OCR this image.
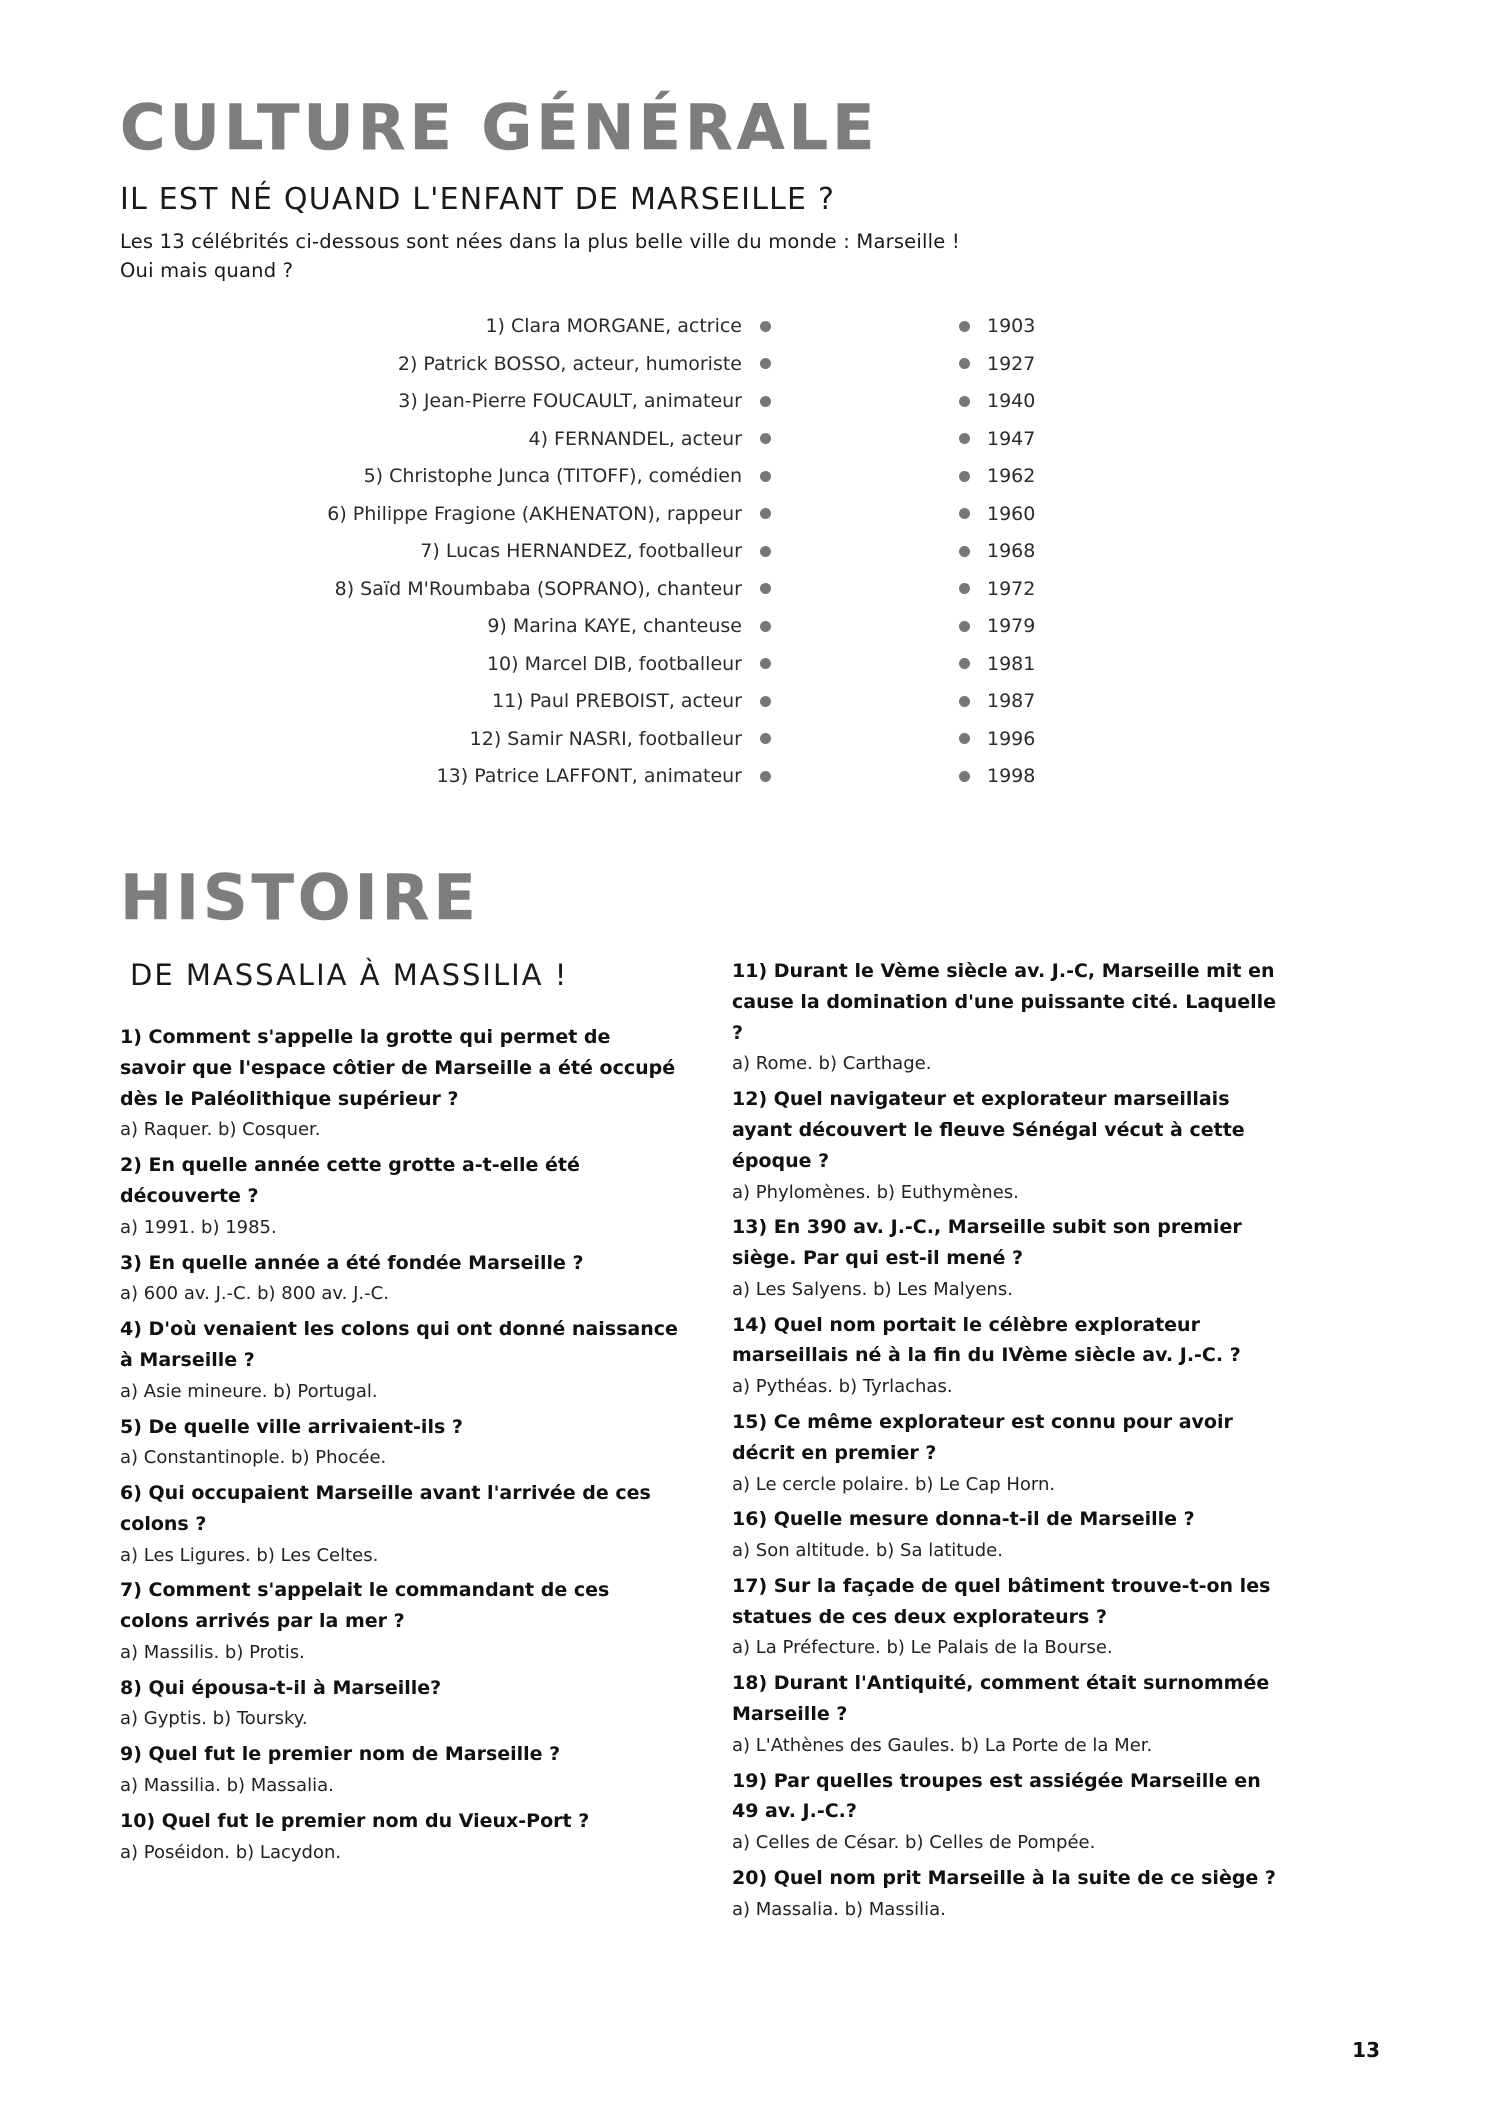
CULTURE GÉNÉRALE
IL EST NÉ QUAND L'ENFANT DE MARSEILLE ?

Les 13 célébrités ci-dessous sont nées dans la plus belle ville du monde : Marseille !

Oui mais quand ?

1) Clara MORGANE, actrice	1903
2) Patrick BOSSO, acteur, humoriste	1927
3) Jean-Pierre FOUCAULT, animateur	1940
4) FERNANDEL, acteur	1947
5) Christophe Junca (TITOFF), comédien	1962
6) Philippe Fragione (AKHENATON), rappeur	1960
7) Lucas HERNANDEZ, footballeur	1968
8) Saïd M'Roumbaba (SOPRANO), chanteur	1972
9) Marina KAYE, chanteuse	1979
10) Marcel DIB, footballeur	1981
11) Paul PREBOIST, acteur	1987
12) Samir NASRI, footballeur	1996
13) Patrice LAFFONT, animateur	1998
HISTOIRE
DE MASSALIA À MASSILIA !

1) Comment s'appelle la grotte qui permet de savoir que l'espace côtier de Marseille a été occupé dès le Paléolithique supérieur ?

a) Raquer. b) Cosquer.

2) En quelle année cette grotte a-t-elle été découverte ?

a) 1991. b) 1985.

3) En quelle année a été fondée Marseille ?

a) 600 av. J.-C. b) 800 av. J.-C.

4) D'où venaient les colons qui ont donné naissance à Marseille ?

a) Asie mineure. b) Portugal.

5) De quelle ville arrivaient-ils ?

a) Constantinople. b) Phocée.

6) Qui occupaient Marseille avant l'arrivée de ces colons ?

a) Les Ligures. b) Les Celtes.

7) Comment s'appelait le commandant de ces colons arrivés par la mer ?

a) Massilis. b) Protis.

8) Qui épousa-t-il à Marseille?

a) Gyptis. b) Toursky.

9) Quel fut le premier nom de Marseille ?

a) Massilia. b) Massalia.

10) Quel fut le premier nom du Vieux-Port ?

a) Poséidon. b) Lacydon.

11) Durant le Vème siècle av. J.-C, Marseille mit en cause la domination d'une puissante cité. Laquelle ?

a) Rome. b) Carthage.

12) Quel navigateur et explorateur marseillais ayant découvert le fleuve Sénégal vécut à cette époque ?

a) Phylomènes. b) Euthymènes.

13) En 390 av. J.-C., Marseille subit son premier siège. Par qui est-il mené ?

a) Les Salyens. b) Les Malyens.

14) Quel nom portait le célèbre explorateur marseillais né à la fin du IVème siècle av. J.-C. ?

a) Pythéas. b) Tyrlachas.

15) Ce même explorateur est connu pour avoir décrit en premier ?

a) Le cercle polaire. b) Le Cap Horn.

16) Quelle mesure donna-t-il de Marseille ?

a) Son altitude. b) Sa latitude.

17) Sur la façade de quel bâtiment trouve-t-on les statues de ces deux explorateurs ?

a) La Préfecture. b) Le Palais de la Bourse.

18) Durant l'Antiquité, comment était surnommée Marseille ?

a) L'Athènes des Gaules. b) La Porte de la Mer.

19) Par quelles troupes est assiégée Marseille en 49 av. J.-C.?

a) Celles de César. b) Celles de Pompée.

20) Quel nom prit Marseille à la suite de ce siège ?

a) Massalia. b) Massilia.

13
